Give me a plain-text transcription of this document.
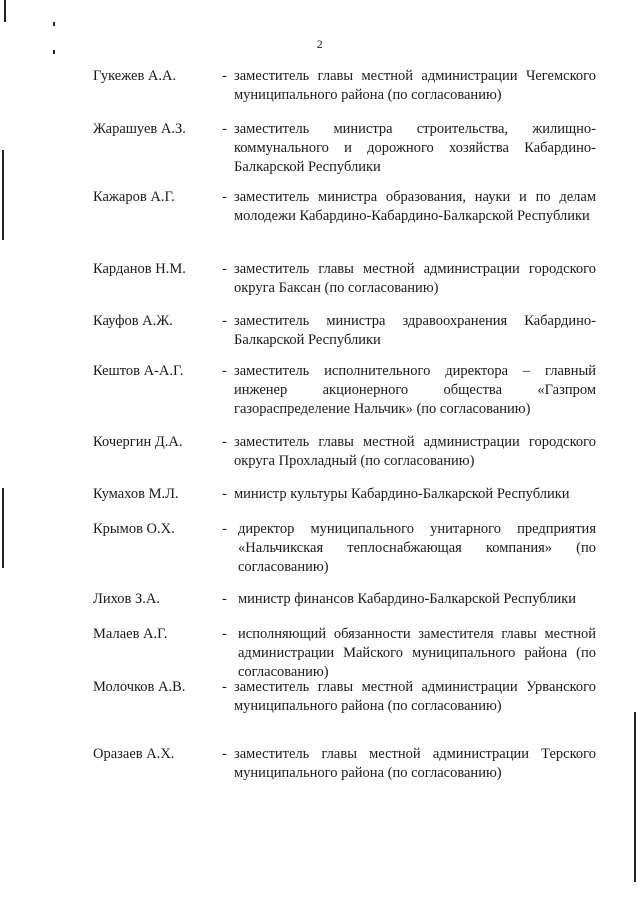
2
Гукежев А.А.	- заместитель главы местной администрации Чегемского муниципального района (по согласованию)
Жарашуев А.З. - заместитель министра строительства, жилищно-коммунального и дорожного хозяйства Кабардино-Балкарской Республики
Кажаров А.Г.	- заместитель министра образования, науки и по делам молодежи Кабардино-Кабардино-Балкарской Республики
Карданов Н.М. - заместитель главы местной администрации городского округа Баксан (по согласованию)
Кауфов А.Ж.	- заместитель министра здравоохранения Кабардино-Балкарской Республики
Кештов А-А.Г.	- заместитель исполнительного директора – главный инженер акционерного общества «Газпром газораспределение Нальчик» (по согласованию)
Кочергин Д.А.	- заместитель главы местной администрации городского округа Прохладный (по согласованию)
Кумахов М.Л.	- министр культуры Кабардино-Балкарской Республики
Крымов О.Х.	- директор муниципального унитарного предприятия «Нальчикская теплоснабжающая компания» (по согласованию)
Лихов З.А.	- министр финансов Кабардино-Балкарской Республики
Малаев А.Г.	- исполняющий обязанности заместителя главы местной администрации Майского муниципального района (по согласованию)
Молочков А.В.	- заместитель главы местной администрации Урванского муниципального района (по согласованию)
Оразаев А.Х.	- заместитель главы местной администрации Терского муниципального района (по согласованию)
